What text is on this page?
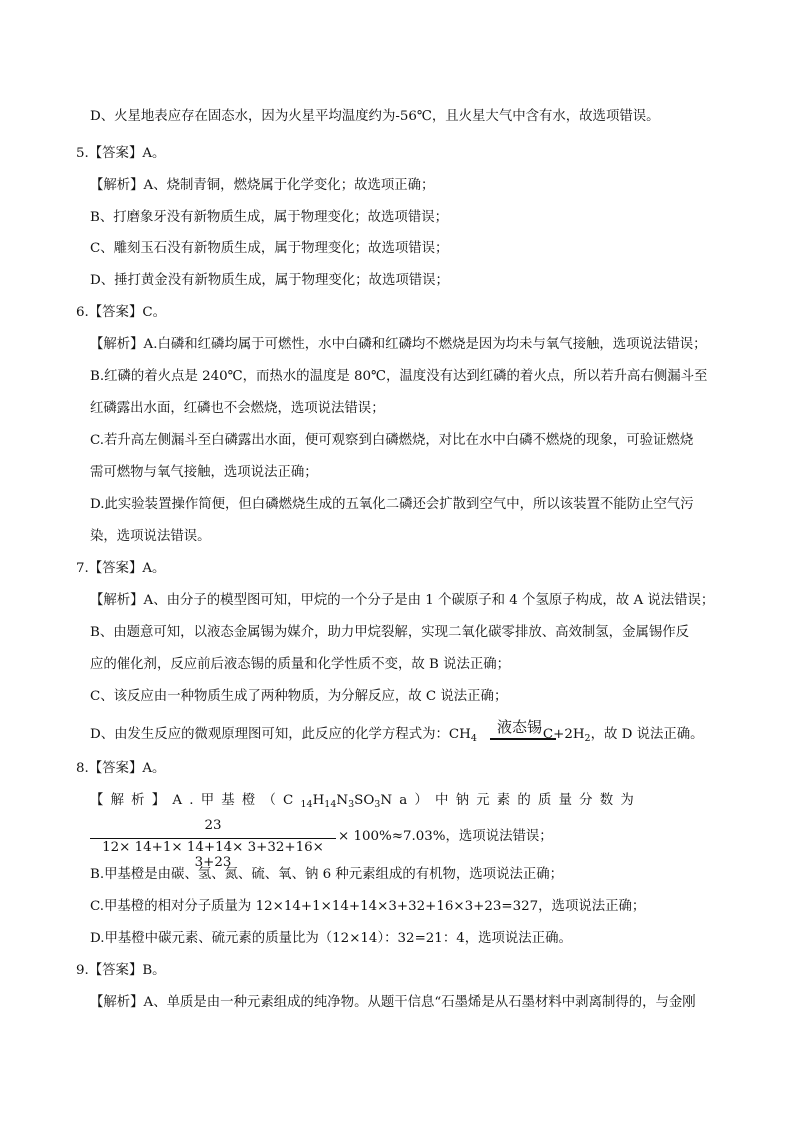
D、火星地表应存在固态水，因为火星平均温度约为-56℃，且火星大气中含有水，故选项错误。
5.【答案】A。
【解析】A、烧制青铜，燃烧属于化学变化；故选项正确；
B、打磨象牙没有新物质生成，属于物理变化；故选项错误；
C、雕刻玉石没有新物质生成，属于物理变化；故选项错误；
D、捶打黄金没有新物质生成，属于物理变化；故选项错误；
6.【答案】C。
【解析】A.白磷和红磷均属于可燃性，水中白磷和红磷均不燃烧是因为均未与氧气接触，选项说法错误；
B.红磷的着火点是 240℃，而热水的温度是 80℃，温度没有达到红磷的着火点，所以若升高右侧漏斗至
红磷露出水面，红磷也不会燃烧，选项说法错误；
C.若升高左侧漏斗至白磷露出水面，便可观察到白磷燃烧，对比在水中白磷不燃烧的现象，可验证燃烧
需可燃物与氧气接触，选项说法正确；
D.此实验装置操作简便，但白磷燃烧生成的五氧化二磷还会扩散到空气中，所以该装置不能防止空气污
染，选项说法错误。
7.【答案】A。
【解析】A、由分子的模型图可知，甲烷的一个分子是由 1 个碳原子和 4 个氢原子构成，故 A 说法错误；
B、由题意可知，以液态金属锡为媒介，助力甲烷裂解，实现二氧化碳零排放、高效制氢，金属锡作反
应的催化剂，反应前后液态锡的质量和化学性质不变，故 B 说法正确；
C、该反应由一种物质生成了两种物质，为分解反应，故 C 说法正确；
D、由发生反应的微观原理图可知，此反应的化学方程式为：$CH_4$	$C+2H_2$，故 D 说法正确。
液态锡
8.【答案】A。
【解析】A.甲基橙$(C_{14}H_{14}N_3SO_3Na)$中钠元素的质量分数为
23
12× 14+1× 14+14× 3+32+16× 3+23
× 100%≈7.03%，选项说法错误；
B.甲基橙是由碳、氢、氮、硫、氧、钠 6 种元素组成的有机物，选项说法正确；
C.甲基橙的相对分子质量为 12×14+1×14+14×3+32+16×3+23=327，选项说法正确；
D.甲基橙中碳元素、硫元素的质量比为（12×14）：32=21：4，选项说法正确。
9.【答案】B。
【解析】A、单质是由一种元素组成的纯净物。从题干信息“石墨烯是从石墨材料中剥离制得的，与金刚
